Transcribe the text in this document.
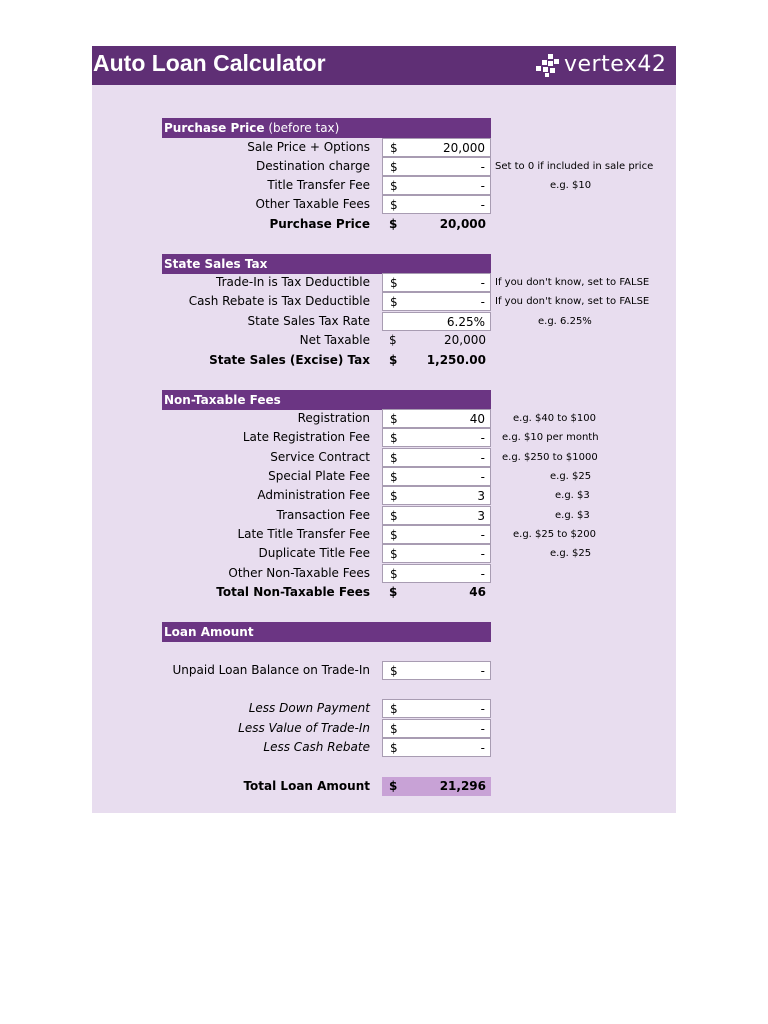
Auto Loan Calculator	vertex42
Purchase Price (before tax)
Sale Price + Options $	20,000
Destination charge $	- Set to 0 if included in sale price
Title Transfer Fee $	-	e.g. $10
Other Taxable Fees $	-
Purchase Price $	20,000
State Sales Tax
Trade-In is Tax Deductible $	- If you don't know, set to FALSE
Cash Rebate is Tax Deductible $	- If you don't know, set to FALSE
State Sales Tax Rate	6.25%	e.g. 6.25%
Net Taxable $	20,000
State Sales (Excise) Tax $ 1,250.00
Non-Taxable Fees
Registration $	40	e.g. $40 to $100
Late Registration Fee $	- e.g. $10 per month
Service Contract $	- e.g. $250 to $1000
Special Plate Fee $	-	e.g. $25
Administration Fee $	3	e.g. $3
Transaction Fee $	3	e.g. $3
Late Title Transfer Fee $	-	e.g. $25 to $200
Duplicate Title Fee $	-	e.g. $25
Other Non-Taxable Fees $	-
Total Non-Taxable Fees $	46
Loan Amount
Unpaid Loan Balance on Trade-In $	-
Less Down Payment $	-
Less Value of Trade-In $	-
Less Cash Rebate $	-
Total Loan Amount $	21,296
